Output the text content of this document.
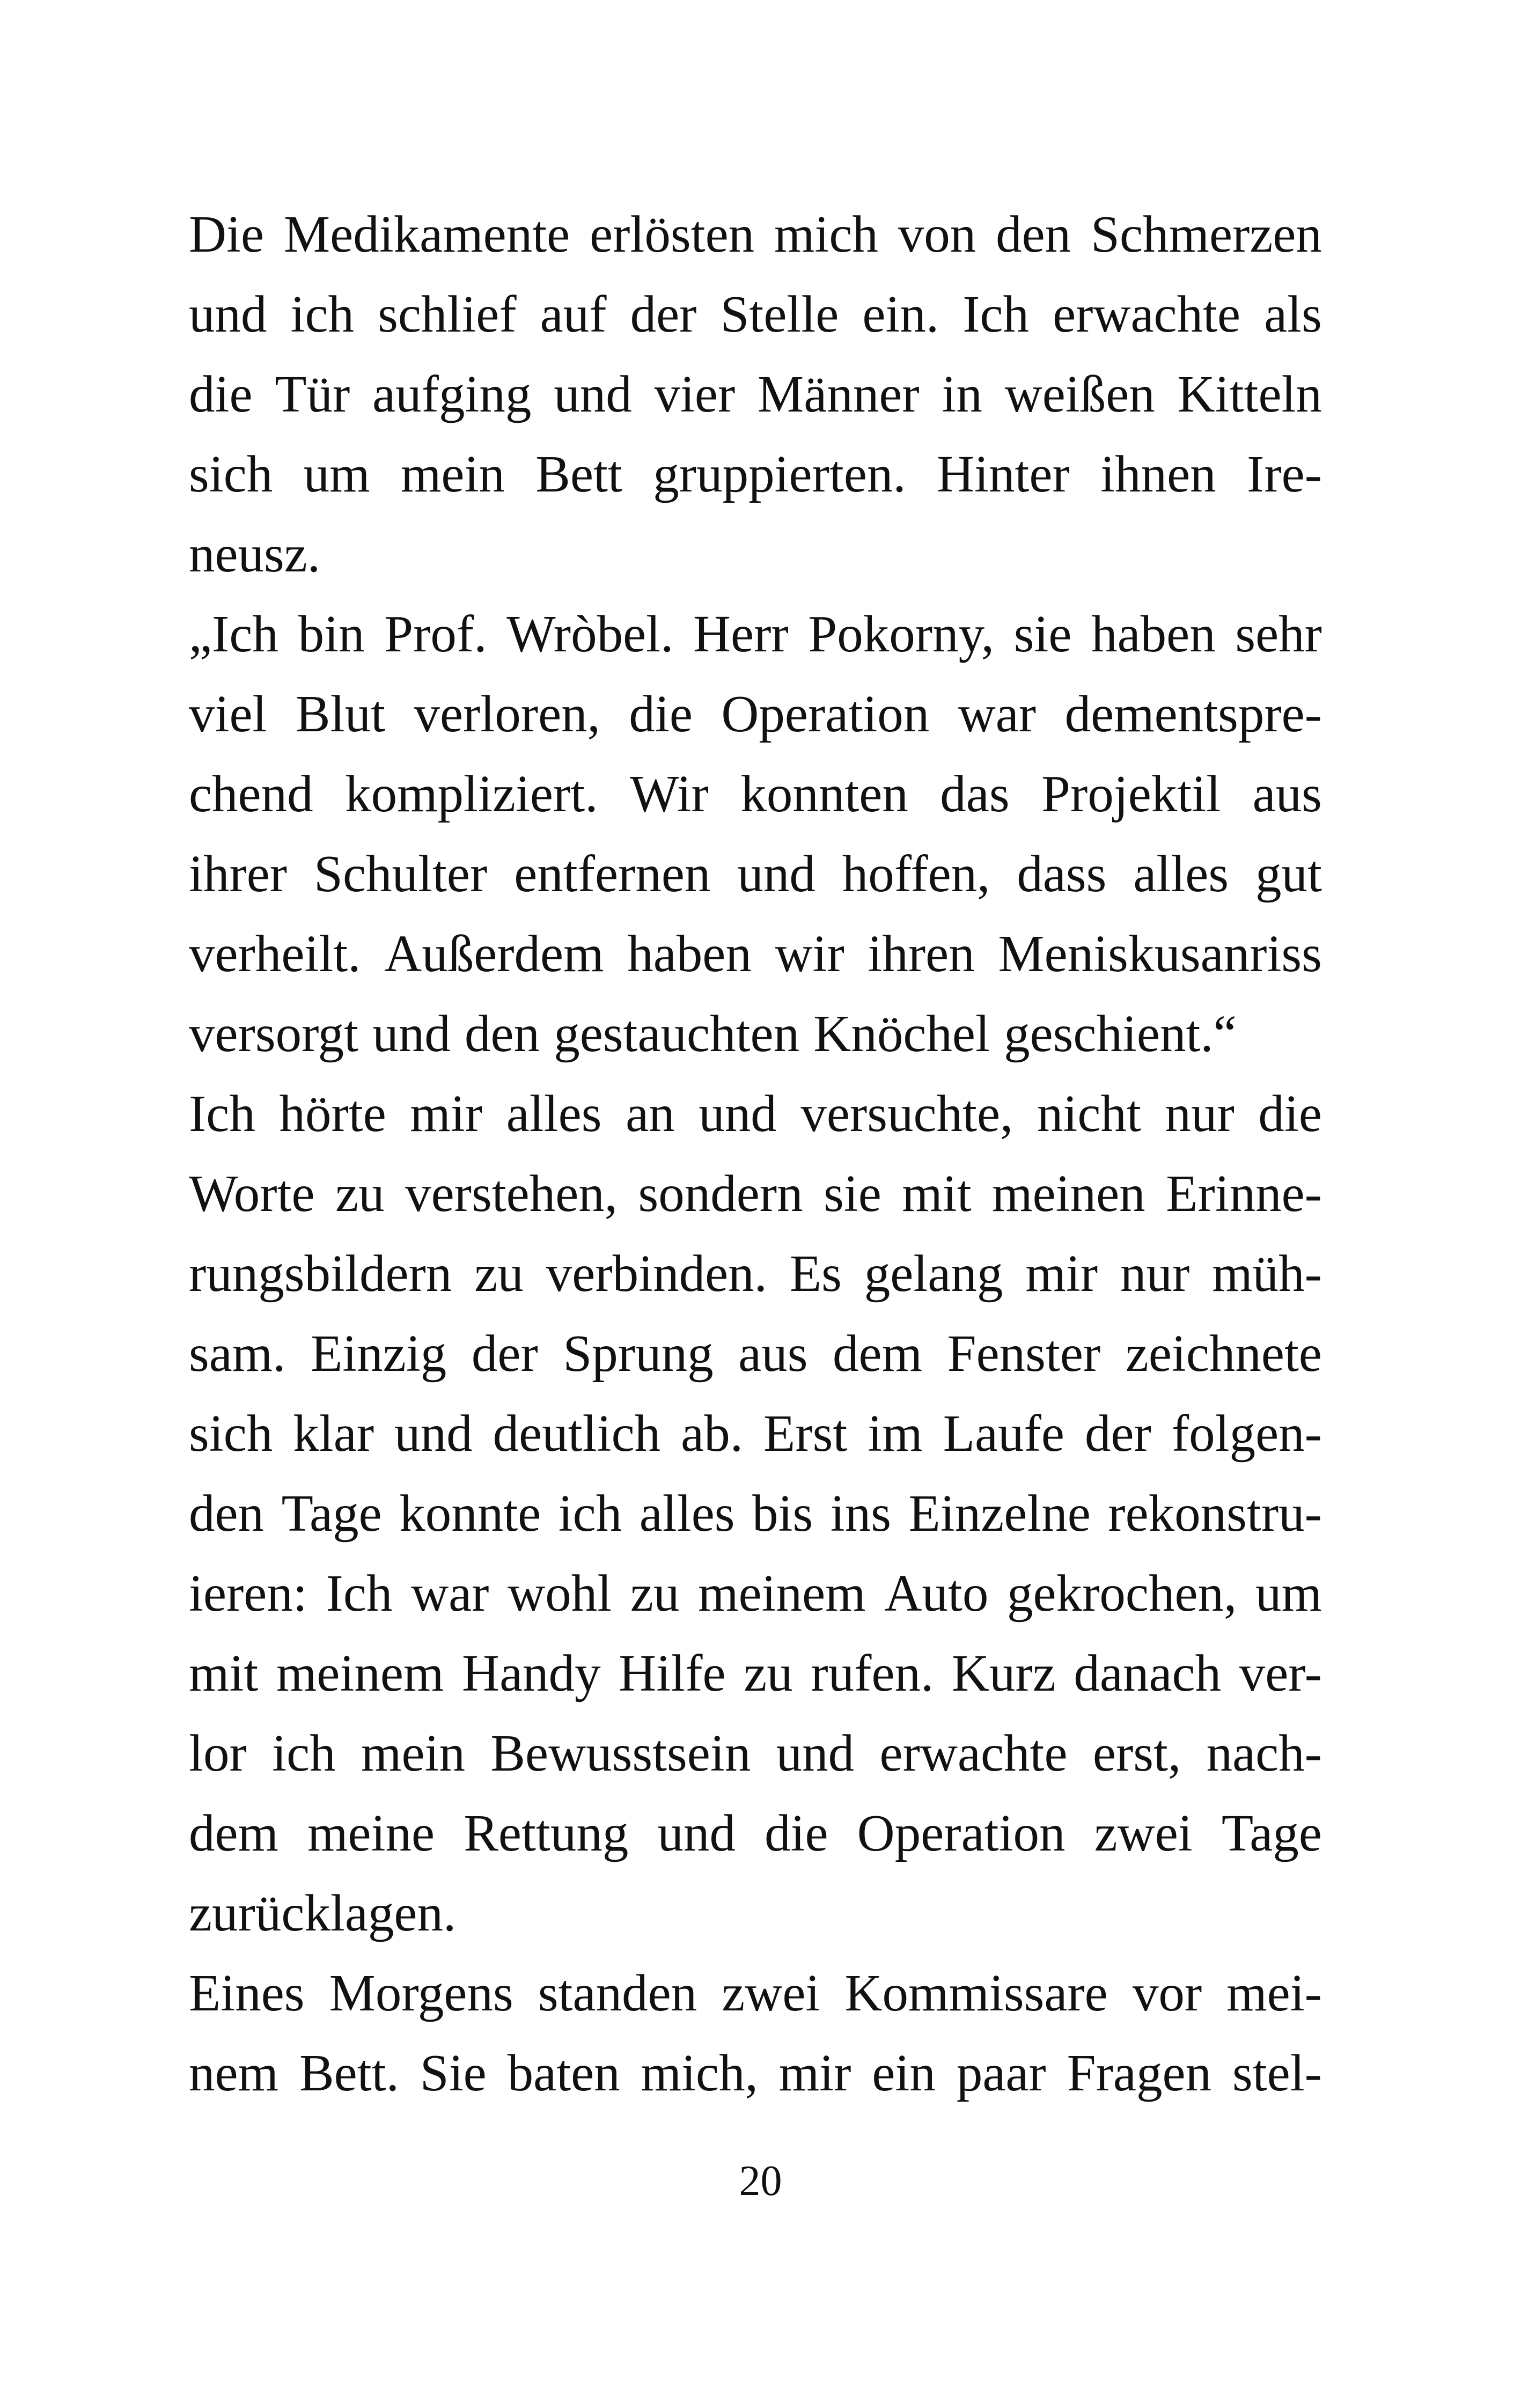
Die Medikamente erlösten mich von den Schmerzen
und ich schlief auf der Stelle ein. Ich erwachte als
die Tür aufging und vier Männer in weißen Kitteln
sich um mein Bett gruppierten. Hinter ihnen Ire-
neusz.
„Ich bin Prof. Wròbel. Herr Pokorny, sie haben sehr
viel Blut verloren, die Operation war dementspre-
chend kompliziert. Wir konnten das Projektil aus
ihrer Schulter entfernen und hoffen, dass alles gut
verheilt. Außerdem haben wir ihren Meniskusanriss
versorgt und den gestauchten Knöchel geschient.“
Ich hörte mir alles an und versuchte, nicht nur die
Worte zu verstehen, sondern sie mit meinen Erinne-
rungsbildern zu verbinden. Es gelang mir nur müh-
sam. Einzig der Sprung aus dem Fenster zeichnete
sich klar und deutlich ab. Erst im Laufe der folgen-
den Tage konnte ich alles bis ins Einzelne rekonstru-
ieren: Ich war wohl zu meinem Auto gekrochen, um
mit meinem Handy Hilfe zu rufen. Kurz danach ver-
lor ich mein Bewusstsein und erwachte erst, nach-
dem meine Rettung und die Operation zwei Tage
zurücklagen.
Eines Morgens standen zwei Kommissare vor mei-
nem Bett. Sie baten mich, mir ein paar Fragen stel-
20
